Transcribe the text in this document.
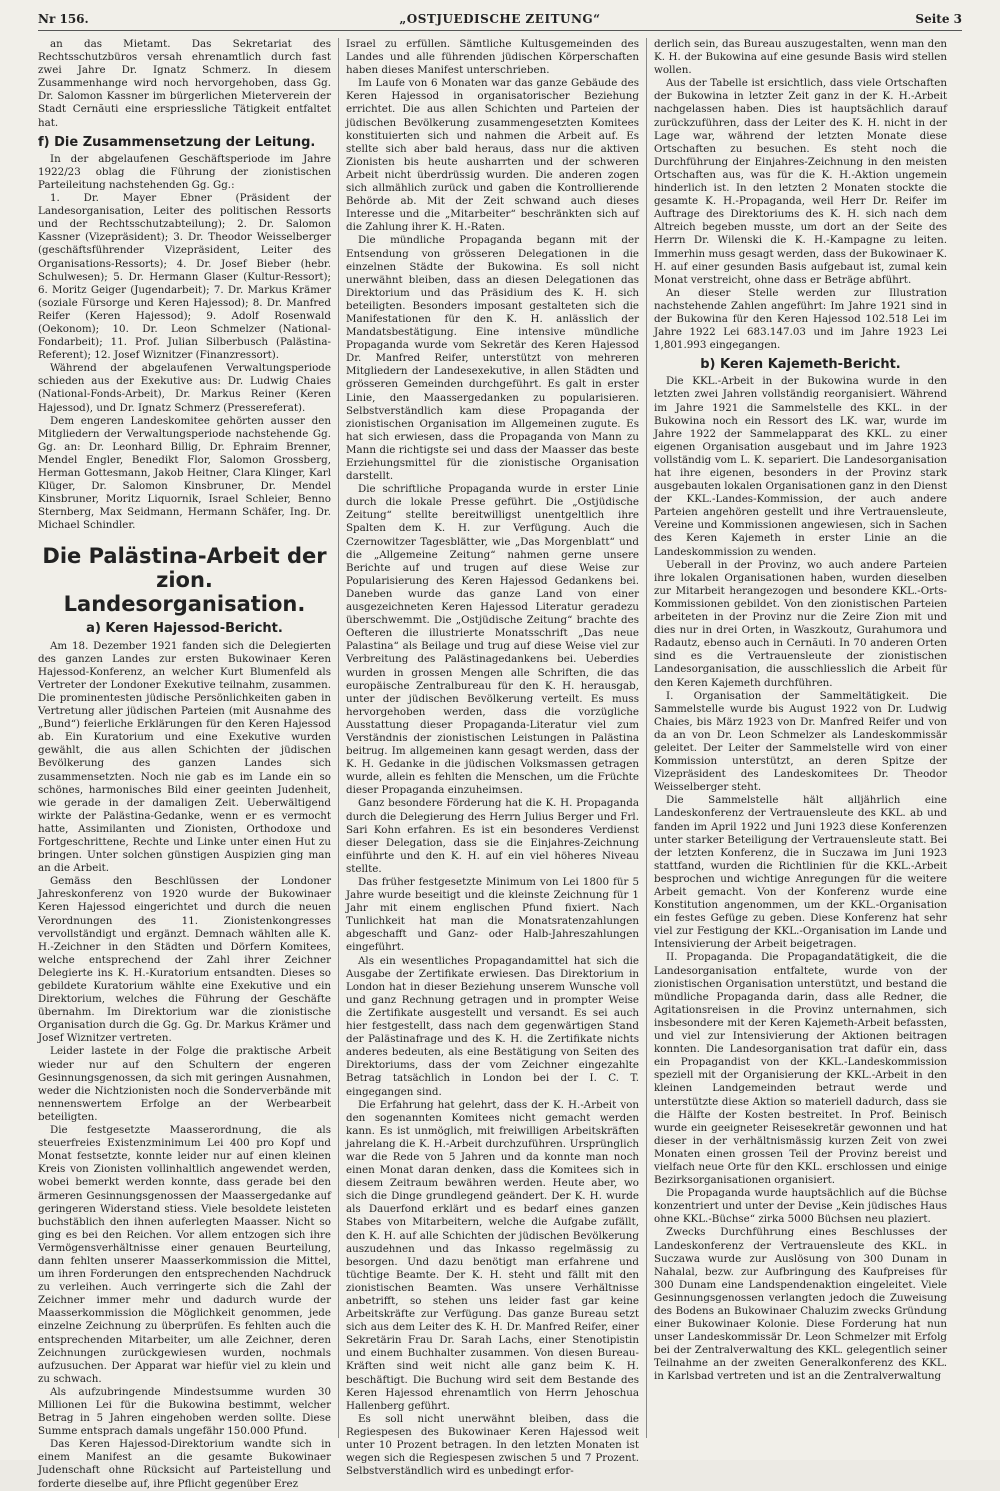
Nr 156.	„OSTJUEDISCHE ZEITUNG“	Seite 3

an das Mietamt. Das Sekretariat des Rechtsschutzbüros versah ehrenamtlich durch fast zwei Jahre Dr. Ignatz Schmerz. In diesem Zusammenhange wird noch hervorgehoben, dass Gg. Dr. Salomon Kassner im bürgerlichen Mieterverein der Stadt Cernăuti eine erspriessliche Tätigkeit entfaltet hat.

f) Die Zusammensetzung der Leitung.

In der abgelaufenen Geschäftsperiode im Jahre 1922/23 oblag die Führung der zionistischen Parteileitung nachstehenden Gg. Gg.:

1. Dr. Mayer Ebner (Präsident der Landesorganisation, Leiter des politischen Ressorts und der Rechtsschutzabteilung); 2. Dr. Salomon Kassner (Vizepräsident); 3. Dr. Theodor Weisselberger (geschäftsführender Vizepräsident, Leiter des Organisations-Ressorts); 4. Dr. Josef Bieber (hebr. Schulwesen); 5. Dr. Hermann Glaser (Kultur-Ressort); 6. Moritz Geiger (Jugendarbeit); 7. Dr. Markus Krämer (soziale Fürsorge und Keren Hajessod); 8. Dr. Manfred Reifer (Keren Hajessod); 9. Adolf Rosenwald (Oekonom); 10. Dr. Leon Schmelzer (National-Fondarbeit); 11. Prof. Julian Silberbusch (Palästina-Referent); 12. Josef Wiznitzer (Finanzressort).

Während der abgelaufenen Verwaltungsperiode schieden aus der Exekutive aus: Dr. Ludwig Chaies (National-Fonds-Arbeit), Dr. Markus Reiner (Keren Hajessod), und Dr. Ignatz Schmerz (Pressereferat).

Dem engeren Landeskomitee gehörten ausser den Mitgliedern der Verwaltungsperiode nachstehende Gg. Gg. an: Dr. Leonhard Billig, Dr. Ephraim Brenner, Mendel Engler, Benedikt Flor, Salomon Grossberg, Herman Gottesmann, Jakob Heitner, Clara Klinger, Karl Klüger, Dr. Salomon Kinsbruner, Dr. Mendel Kinsbruner, Moritz Liquornik, Israel Schleier, Benno Sternberg, Max Seidmann, Hermann Schäfer, Ing. Dr. Michael Schindler.

Die Palästina-Arbeit der zion. Landesorganisation.
a) Keren Hajessod-Bericht.

Am 18. Dezember 1921 fanden sich die Delegierten des ganzen Landes zur ersten Bukowinaer Keren Hajessod-Konferenz, an welcher Kurt Blumenfeld als Vertreter der Londoner Exekutive teilnahm, zusammen. Die prominentesten jüdische Persönlichkeiten gaben in Vertretung aller jüdischen Parteien (mit Ausnahme des „Bund“) feierliche Erklärungen für den Keren Hajessod ab. Ein Kuratorium und eine Exekutive wurden gewählt, die aus allen Schichten der jüdischen Bevölkerung des ganzen Landes sich zusammensetzten. Noch nie gab es im Lande ein so schönes, harmonisches Bild einer geeinten Judenheit, wie gerade in der damaligen Zeit. Ueberwältigend wirkte der Palästina-Gedanke, wenn er es vermocht hatte, Assimilanten und Zionisten, Orthodoxe und Fortgeschrittene, Rechte und Linke unter einen Hut zu bringen. Unter solchen günstigen Auspizien ging man an die Arbeit.

Gemäss den Beschlüssen der Londoner Jahreskonferenz von 1920 wurde der Bukowinaer Keren Hajessod eingerichtet und durch die neuen Verordnungen des 11. Zionistenkongresses vervollständigt und ergänzt. Demnach wählten alle K. H.-Zeichner in den Städten und Dörfern Komitees, welche entsprechend der Zahl ihrer Zeichner Delegierte ins K. H.-Kuratorium entsandten. Dieses so gebildete Kuratorium wählte eine Exekutive und ein Direktorium, welches die Führung der Geschäfte übernahm. Im Direktorium war die zionistische Organisation durch die Gg. Gg. Dr. Markus Krämer und Josef Wiznitzer vertreten.

Leider lastete in der Folge die praktische Arbeit wieder nur auf den Schultern der engeren Gesinnungsgenossen, da sich mit geringen Ausnahmen, weder die Nichtzionisten noch die Sonderverbände mit nennenswertem Erfolge an der Werbearbeit beteiligten.

Die festgesetzte Maasserordnung, die als steuerfreies Existenzminimum Lei 400 pro Kopf und Monat festsetzte, konnte leider nur auf einen kleinen Kreis von Zionisten vollinhaltlich angewendet werden, wobei bemerkt werden konnte, dass gerade bei den ärmeren Gesinnungsgenossen der Maassergedanke auf geringeren Widerstand stiess. Viele besoldete leisteten buchstäblich den ihnen auferlegten Maasser. Nicht so ging es bei den Reichen. Vor allem entzogen sich ihre Vermögensverhältnisse einer genauen Beurteilung, dann fehlten unserer Maasserkommission die Mittel, um ihren Forderungen den entsprechenden Nachdruck zu verleihen. Auch verringerte sich die Zahl der Zeichner immer mehr und dadurch wurde der Maasserkommission die Möglichkeit genommen, jede einzelne Zeichnung zu überprüfen. Es fehlten auch die entsprechenden Mitarbeiter, um alle Zeichner, deren Zeichnungen zurückgewiesen wurden, nochmals aufzusuchen. Der Apparat war hiefür viel zu klein und zu schwach.

Als aufzubringende Mindestsumme wurden 30 Millionen Lei für die Bukowina bestimmt, welcher Betrag in 5 Jahren eingehoben werden sollte. Diese Summe entsprach damals ungefähr 150.000 Pfund.

Das Keren Hajessod-Direktorium wandte sich in einem Manifest an die gesamte Bukowinaer Judenschaft ohne Rücksicht auf Parteistellung und forderte dieselbe auf, ihre Pflicht gegenüber Erez

Israel zu erfüllen. Sämtliche Kultusgemeinden des Landes und alle führenden jüdischen Körperschaften haben dieses Manifest unterschrieben.

Im Laufe von 6 Monaten war das ganze Gebäude des Keren Hajessod in organisatorischer Beziehung errichtet. Die aus allen Schichten und Parteien der jüdischen Bevölkerung zusammengesetzten Komitees konstituierten sich und nahmen die Arbeit auf. Es stellte sich aber bald heraus, dass nur die aktiven Zionisten bis heute ausharrten und der schweren Arbeit nicht überdrüssig wurden. Die anderen zogen sich allmählich zurück und gaben die Kontrollierende Behörde ab. Mit der Zeit schwand auch dieses Interesse und die „Mitarbeiter“ beschränkten sich auf die Zahlung ihrer K. H.-Raten.

Die mündliche Propaganda begann mit der Entsendung von grösseren Delegationen in die einzelnen Städte der Bukowina. Es soll nicht unerwähnt bleiben, dass an diesen Delegationen das Direktorium und das Präsidium des K. H. sich beteiligten. Besonders imposant gestalteten sich die Manifestationen für den K. H. anlässlich der Mandatsbestätigung. Eine intensive mündliche Propaganda wurde vom Sekretär des Keren Hajessod Dr. Manfred Reifer, unterstützt von mehreren Mitgliedern der Landesexekutive, in allen Städten und grösseren Gemeinden durchgeführt. Es galt in erster Linie, den Maassergedanken zu popularisieren. Selbstverständlich kam diese Propaganda der zionistischen Organisation im Allgemeinen zugute. Es hat sich erwiesen, dass die Propaganda von Mann zu Mann die richtigste sei und dass der Maasser das beste Erziehungsmittel für die zionistische Organisation darstellt.

Die schriftliche Propaganda wurde in erster Linie durch die lokale Presse geführt. Die „Ostjüdische Zeitung“ stellte bereitwilligst unentgeltlich ihre Spalten dem K. H. zur Verfügung. Auch die Czernowitzer Tagesblätter, wie „Das Morgenblatt“ und die „Allgemeine Zeitung“ nahmen gerne unsere Berichte auf und trugen auf diese Weise zur Popularisierung des Keren Hajessod Gedankens bei. Daneben wurde das ganze Land von einer ausgezeichneten Keren Hajessod Literatur geradezu überschwemmt. Die „Ostjüdische Zeitung“ brachte des Oefteren die illustrierte Monatsschrift „Das neue Palastina“ als Beilage und trug auf diese Weise viel zur Verbreitung des Palästinagedankens bei. Ueberdies wurden in grossen Mengen alle Schriften, die das europäische Zentralbureau für den K. H. herausgab, unter der jüdischen Bevölkerung verteilt. Es muss hervorgehoben werden, dass die vorzügliche Ausstattung dieser Propaganda-Literatur viel zum Verständnis der zionistischen Leistungen in Palästina beitrug. Im allgemeinen kann gesagt werden, dass der K. H. Gedanke in die jüdischen Volksmassen getragen wurde, allein es fehlten die Menschen, um die Früchte dieser Propaganda einzuheimsen.

Ganz besondere Förderung hat die K. H. Propaganda durch die Delegierung des Herrn Julius Berger und Frl. Sari Kohn erfahren. Es ist ein besonderes Verdienst dieser Delegation, dass sie die Einjahres-Zeichnung einführte und den K. H. auf ein viel höheres Niveau stellte.

Das früher festgesetzte Minimum von Lei 1800 für 5 Jahre wurde beseitigt und die kleinste Zeichnung für 1 Jahr mit einem englischen Pfund fixiert. Nach Tunlichkeit hat man die Monatsratenzahlungen abgeschafft und Ganz- oder Halb-Jahreszahlungen eingeführt.

Als ein wesentliches Propagandamittel hat sich die Ausgabe der Zertifikate erwiesen. Das Direktorium in London hat in dieser Beziehung unserem Wunsche voll und ganz Rechnung getragen und in prompter Weise die Zertifikate ausgestellt und versandt. Es sei auch hier festgestellt, dass nach dem gegenwärtigen Stand der Palästinafrage und des K. H. die Zertifikate nichts anderes bedeuten, als eine Bestätigung von Seiten des Direktoriums, dass der vom Zeichner eingezahlte Betrag tatsächlich in London bei der I. C. T. eingegangen sind.

Die Erfahrung hat gelehrt, dass der K. H.-Arbeit von den sogenannten Komitees nicht gemacht werden kann. Es ist unmöglich, mit freiwilligen Arbeitskräften jahrelang die K. H.-Arbeit durchzuführen. Ursprünglich war die Rede von 5 Jahren und da konnte man noch einen Monat daran denken, dass die Komitees sich in diesem Zeitraum bewähren werden. Heute aber, wo sich die Dinge grundlegend geändert. Der K. H. wurde als Dauerfond erklärt und es bedarf eines ganzen Stabes von Mitarbeitern, welche die Aufgabe zufällt, den K. H. auf alle Schichten der jüdischen Bevölkerung auszudehnen und das Inkasso regelmässig zu besorgen. Und dazu benötigt man erfahrene und tüchtige Beamte. Der K. H. steht und fällt mit den zionistischen Beamten. Was unsere Verhältnisse anbetrifft, so stehen uns leider fast gar keine Arbeitskräfte zur Verfügung. Das ganze Bureau setzt sich aus dem Leiter des K. H. Dr. Manfred Reifer, einer Sekretärin Frau Dr. Sarah Lachs, einer Stenotipistin und einem Buchhalter zusammen. Von diesen Bureau-Kräften sind weit nicht alle ganz beim K. H. beschäftigt. Die Buchung wird seit dem Bestande des Keren Hajessod ehrenamtlich von Herrn Jehoschua Hallenberg geführt.

Es soll nicht unerwähnt bleiben, dass die Regiespesen des Bukowinaer Keren Hajessod weit unter 10 Prozent betragen. In den letzten Monaten ist wegen sich die Regiespesen zwischen 5 und 7 Prozent. Selbstverständlich wird es unbedingt erfor-

derlich sein, das Bureau auszugestalten, wenn man den K. H. der Bukowina auf eine gesunde Basis wird stellen wollen.

Aus der Tabelle ist ersichtlich, dass viele Ortschaften der Bukowina in letzter Zeit ganz in der K. H.-Arbeit nachgelassen haben. Dies ist hauptsächlich darauf zurückzuführen, dass der Leiter des K. H. nicht in der Lage war, während der letzten Monate diese Ortschaften zu besuchen. Es steht noch die Durchführung der Einjahres-Zeichnung in den meisten Ortschaften aus, was für die K. H.-Aktion ungemein hinderlich ist. In den letzten 2 Monaten stockte die gesamte K. H.-Propaganda, weil Herr Dr. Reifer im Auftrage des Direktoriums des K. H. sich nach dem Altreich begeben musste, um dort an der Seite des Herrn Dr. Wilenski die K. H.-Kampagne zu leiten. Immerhin muss gesagt werden, dass der Bukowinaer K. H. auf einer gesunden Basis aufgebaut ist, zumal kein Monat verstreicht, ohne dass er Beträge abführt.

An dieser Stelle werden zur Illustration nachstehende Zahlen angeführt: Im Jahre 1921 sind in der Bukowina für den Keren Hajessod 102.518 Lei im Jahre 1922 Lei 683.147.03 und im Jahre 1923 Lei 1,801.993 eingegangen.

b) Keren Kajemeth-Bericht.

Die KKL.-Arbeit in der Bukowina wurde in den letzten zwei Jahren vollständig reorganisiert. Während im Jahre 1921 die Sammelstelle des KKL. in der Bukowina noch ein Ressort des LK. war, wurde im Jahre 1922 der Sammelapparat des KKL. zu einer eigenen Organisation ausgebaut und im Jahre 1923 vollständig vom L. K. separiert. Die Landesorganisation hat ihre eigenen, besonders in der Provinz stark ausgebauten lokalen Organisationen ganz in den Dienst der KKL.-Landes-Kommission, der auch andere Parteien angehören gestellt und ihre Vertrauensleute, Vereine und Kommissionen angewiesen, sich in Sachen des Keren Kajemeth in erster Linie an die Landeskommission zu wenden.

Ueberall in der Provinz, wo auch andere Parteien ihre lokalen Organisationen haben, wurden dieselben zur Mitarbeit herangezogen und besondere KKL.-Orts-Kommissionen gebildet. Von den zionistischen Parteien arbeiteten in der Provinz nur die Zeire Zion mit und dies nur in drei Orten, in Waszkoutz, Gurahumora und Radautz, ebenso auch in Cernăuti. In 70 anderen Orten sind es die Vertrauensleute der zionistischen Landesorganisation, die ausschliesslich die Arbeit für den Keren Kajemeth durchführen.

I. Organisation der Sammeltätigkeit. Die Sammelstelle wurde bis August 1922 von Dr. Ludwig Chaies, bis März 1923 von Dr. Manfred Reifer und von da an von Dr. Leon Schmelzer als Landeskommissär geleitet. Der Leiter der Sammelstelle wird von einer Kommission unterstützt, an deren Spitze der Vizepräsident des Landeskomitees Dr. Theodor Weisselberger steht.

Die Sammelstelle hält alljährlich eine Landeskonferenz der Vertrauensleute des KKL. ab und fanden im April 1922 und Juni 1923 diese Konferenzen unter starker Beteiligung der Vertrauensleute statt. Bei der letzten Konferenz, die in Suczawa im Juni 1923 stattfand, wurden die Richtlinien für die KKL.-Arbeit besprochen und wichtige Anregungen für die weitere Arbeit gemacht. Von der Konferenz wurde eine Konstitution angenommen, um der KKL.-Organisation ein festes Gefüge zu geben. Diese Konferenz hat sehr viel zur Festigung der KKL.-Organisation im Lande und Intensivierung der Arbeit beigetragen.

II. Propaganda. Die Propagandatätigkeit, die die Landesorganisation entfaltete, wurde von der zionistischen Organisation unterstützt, und bestand die mündliche Propaganda darin, dass alle Redner, die Agitationsreisen in die Provinz unternahmen, sich insbesondere mit der Keren Kajemeth-Arbeit befassten, und viel zur Intensivierung der Aktionen beitragen konnten. Die Landesorganisation trat dafür ein, dass ein Propagandist von der KKL.-Landeskommission speziell mit der Organisierung der KKL.-Arbeit in den kleinen Landgemeinden betraut werde und unterstützte diese Aktion so materiell dadurch, dass sie die Hälfte der Kosten bestreitet. In Prof. Beinisch wurde ein geeigneter Reisesekretär gewonnen und hat dieser in der verhältnismässig kurzen Zeit von zwei Monaten einen grossen Teil der Provinz bereist und vielfach neue Orte für den KKL. erschlossen und einige Bezirksorganisationen organisiert.

Die Propaganda wurde hauptsächlich auf die Büchse konzentriert und unter der Devise „Kein jüdisches Haus ohne KKL.-Büchse“ zirka 5000 Büchsen neu plaziert.

Zwecks Durchführung eines Beschlusses der Landeskonferenz der Vertrauensleute des KKL. in Suczawa wurde zur Auslösung von 300 Dunam in Nahalal, bezw. zur Aufbringung des Kaufpreises für 300 Dunam eine Landspendenaktion eingeleitet. Viele Gesinnungsgenossen verlangten jedoch die Zuweisung des Bodens an Bukowinaer Chaluzim zwecks Gründung einer Bukowinaer Kolonie. Diese Forderung hat nun unser Landeskommissär Dr. Leon Schmelzer mit Erfolg bei der Zentralverwaltung des KKL. gelegentlich seiner Teilnahme an der zweiten Generalkonferenz des KKL. in Karlsbad vertreten und ist an die Zentralverwaltung
